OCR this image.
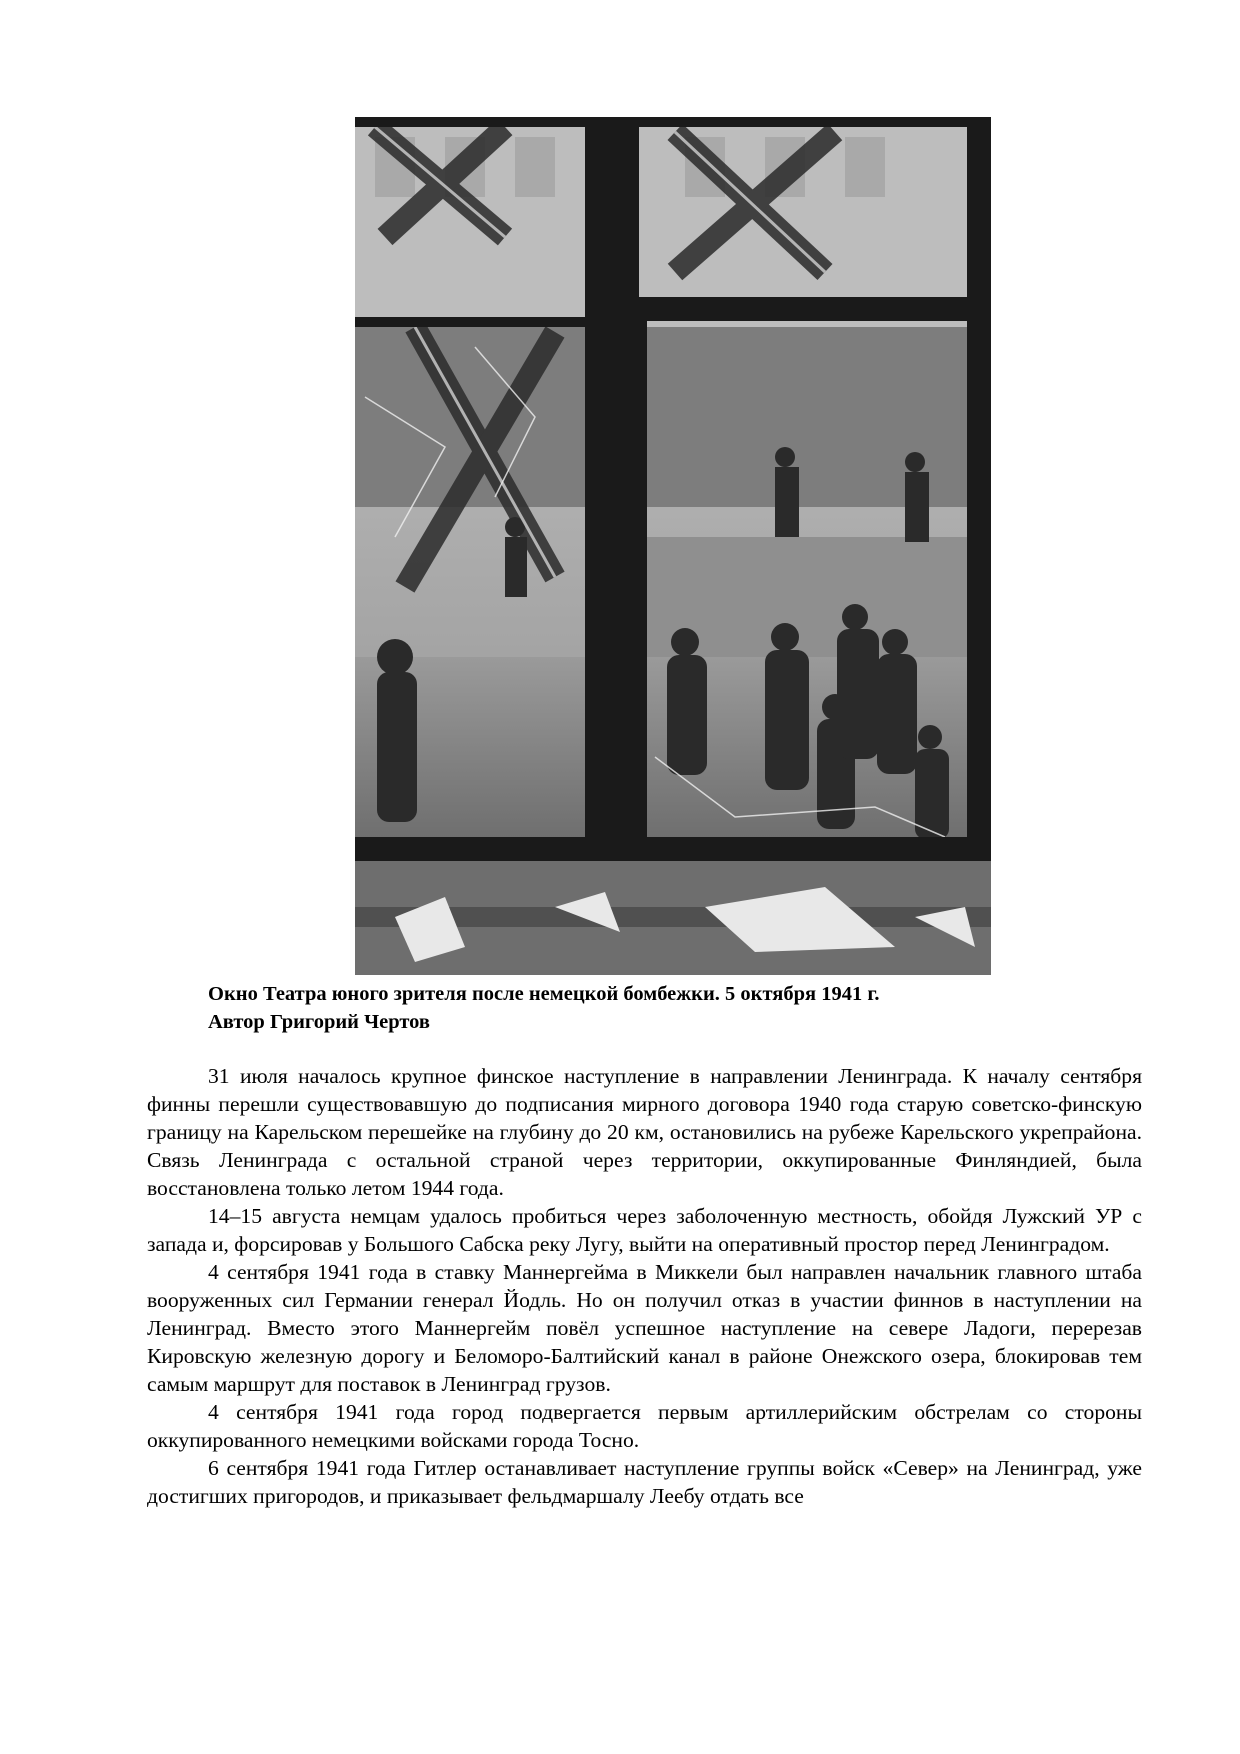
Окно Театра юного зрителя после немецкой бомбежки. 5 октября 1941 г.
Автор Григорий Чертов

31 июля началось крупное финское наступление в направлении Ленинграда. К началу сентября финны перешли существовавшую до подписания мирного договора 1940 года старую советско-финскую границу на Карельском перешейке на глубину до 20 км, остановились на рубеже Карельского укрепрайона. Связь Ленинграда с остальной страной через территории, оккупированные Финляндией, была восстановлена только летом 1944 года.

14–15 августа немцам удалось пробиться через заболоченную местность, обойдя Лужский УР с запада и, форсировав у Большого Сабска реку Лугу, выйти на оперативный простор перед Ленинградом.

4 сентября 1941 года в ставку Маннергейма в Миккели был направлен начальник главного штаба вооруженных сил Германии генерал Йодль. Но он получил отказ в участии финнов в наступлении на Ленинград. Вместо этого Маннергейм повёл успешное наступление на севере Ладоги, перерезав Кировскую железную дорогу и Беломоро-Балтийский канал в районе Онежского озера, блокировав тем самым маршрут для поставок в Ленинград грузов.

4 сентября 1941 года город подвергается первым артиллерийским обстрелам со стороны оккупированного немецкими войсками города Тосно.

6 сентября 1941 года Гитлер останавливает наступление группы войск «Север» на Ленинград, уже достигших пригородов, и приказывает фельдмаршалу Леебу отдать все
